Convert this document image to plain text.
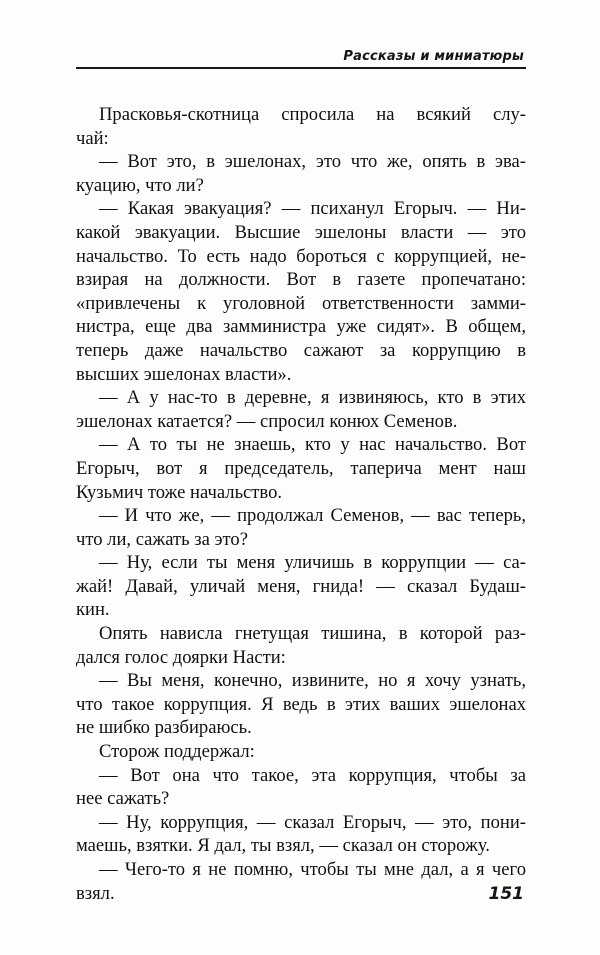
Рассказы и миниатюры
Прасковья-скотница спросила на всякий слу-
чай:
— Вот это, в эшелонах, это что же, опять в эва-
куацию, что ли?
— Какая эвакуация? — психанул Егорыч. — Ни-
какой эвакуации. Высшие эшелоны власти — это
начальство. То есть надо бороться с коррупцией, не-
взирая на должности. Вот в газете пропечатано:
«привлечены к уголовной ответственности замми-
нистра, еще два замминистра уже сидят». В общем,
теперь даже начальство сажают за коррупцию в
высших эшелонах власти».
— А у нас-то в деревне, я извиняюсь, кто в этих
эшелонах катается? — спросил конюх Семенов.
— А то ты не знаешь, кто у нас начальство. Вот
Егорыч, вот я председатель, таперича мент наш
Кузьмич тоже начальство.
— И что же, — продолжал Семенов, — вас теперь,
что ли, сажать за это?
— Ну, если ты меня уличишь в коррупции — са-
жай! Давай, уличай меня, гнида! — сказал Будаш-
кин.
Опять нависла гнетущая тишина, в которой раз-
дался голос доярки Насти:
— Вы меня, конечно, извините, но я хочу узнать,
что такое коррупция. Я ведь в этих ваших эшелонах
не шибко разбираюсь.
Сторож поддержал:
— Вот она что такое, эта коррупция, чтобы за
нее сажать?
— Ну, коррупция, — сказал Егорыч, — это, пони-
маешь, взятки. Я дал, ты взял, — сказал он сторожу.
— Чего-то я не помню, чтобы ты мне дал, а я чего
взял.	151
